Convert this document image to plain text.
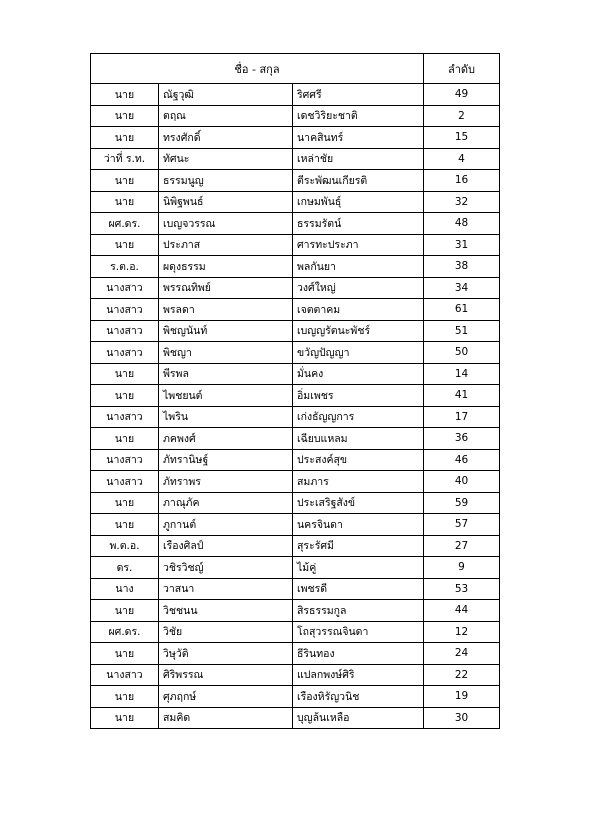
ชื่อ - สกุล			ลำดับ
นาย	ณัฐวุฒิ	ริศศรี	49
นาย	ตฤณ	เดชวิริยะชาติ	2
นาย	ทรงศักดิ์	นาคสินทร์	15
ว่าที่ ร.ท.	ทัศนะ	เหล่าชัย	4
นาย	ธรรมนูญ	ตีระพัฒนเกียรติ	16
นาย	นิพิฐพนธ์	เกษมพันธุ์	32
ผศ.ดร.	เบญจวรรณ	ธรรมรัตน์	48
นาย	ประภาส	ศารทะประภา	31
ร.ต.อ.	ผดุงธรรม	พลกันยา	38
นางสาว	พรรณทิพย์	วงศ์ใหญ่	34
นางสาว	พรลดา	เจตตาคม	61
นางสาว	พิชญนันท์	เบญญรัตนะพัชร์	51
นางสาว	พิชญา	ขวัญปัญญา	50
นาย	พีรพล	มั่นคง	14
นาย	ไพชยนต์	อิ่มเพชร	41
นางสาว	ไพริน	เก่งธัญญการ	17
นาย	ภคพงศ์	เฉียบแหลม	36
นางสาว	ภัทรานิษฐ์	ประสงค์สุข	46
นางสาว	ภัทราพร	สมภาร	40
นาย	ภาณุภัค	ประเสริฐสังข์	59
นาย	ภูกานต์	นครจินดา	57
พ.ต.อ.	เรืองศิลป์	สุระรัศมี	27
ดร.	วชิรวิชญ์	ไม้คู่	9
นาง	วาสนา	เพชรดี	53
นาย	วิชชนน	สิรธรรมกูล	44
ผศ.ดร.	วิชัย	โถสุวรรณจินดา	12
นาย	วิษุวัติ	ธีรินทอง	24
นางสาว	ศิริพรรณ	แปลกพงษ์ศิริ	22
นาย	ศุภฤกษ์	เรืองหิรัญวนิช	19
นาย	สมคิด	บุญล้นเหลือ	30
